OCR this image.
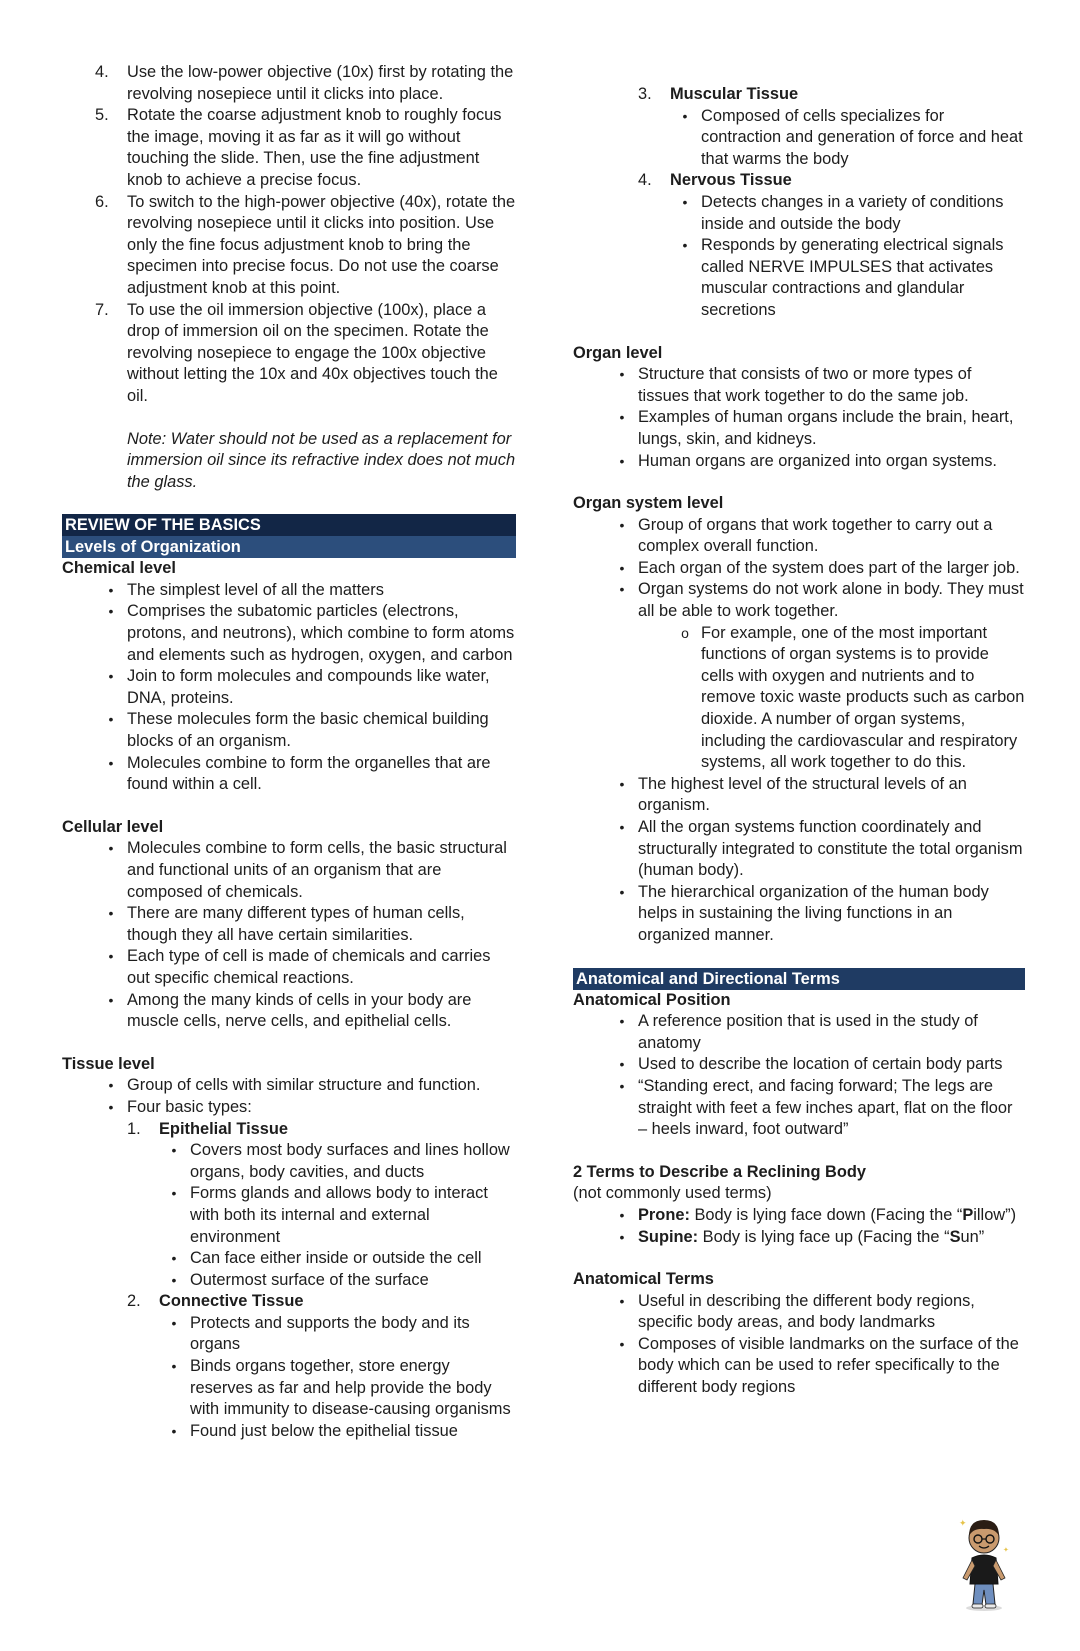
4.	Use the low-power objective (10x) first by rotating the revolving nosepiece until it clicks into place.
5.	Rotate the coarse adjustment knob to roughly focus the image, moving it as far as it will go without touching the slide. Then, use the fine adjustment knob to achieve a precise focus.
6.	To switch to the high-power objective (40x), rotate the revolving nosepiece until it clicks into position. Use only the fine focus adjustment knob to bring the specimen into precise focus. Do not use the coarse adjustment knob at this point.
7.	To use the oil immersion objective (100x), place a drop of immersion oil on the specimen. Rotate the revolving nosepiece to engage the 100x objective without letting the 10x and 40x objectives touch the oil.
Note: Water should not be used as a replacement for immersion oil since its refractive index does not much the glass.
REVIEW OF THE BASICS
Levels of Organization
Chemical level
• The simplest level of all the matters
• Comprises the subatomic particles (electrons, protons, and neutrons), which combine to form atoms and elements such as hydrogen, oxygen, and carbon
• Join to form molecules and compounds like water, DNA, proteins.
• These molecules form the basic chemical building blocks of an organism.
• Molecules combine to form the organelles that are found within a cell.
Cellular level
• Molecules combine to form cells, the basic structural and functional units of an organism that are composed of chemicals.
• There are many different types of human cells, though they all have certain similarities.
• Each type of cell is made of chemicals and carries out specific chemical reactions.
• Among the many kinds of cells in your body are muscle cells, nerve cells, and epithelial cells.
Tissue level
• Group of cells with similar structure and function.
• Four basic types:
1.	Epithelial Tissue
• Covers most body surfaces and lines hollow organs, body cavities, and ducts
• Forms glands and allows body to interact with both its internal and external environment
• Can face either inside or outside the cell
• Outermost surface of the surface
2.	Connective Tissue
• Protects and supports the body and its organs
• Binds organs together, store energy reserves as far and help provide the body with immunity to disease-causing organisms
• Found just below the epithelial tissue
3.	Muscular Tissue
• Composed of cells specializes for contraction and generation of force and heat that warms the body
4.	Nervous Tissue
• Detects changes in a variety of conditions inside and outside the body
• Responds by generating electrical signals called NERVE IMPULSES that activates muscular contractions and glandular secretions
Organ level
• Structure that consists of two or more types of tissues that work together to do the same job.
• Examples of human organs include the brain, heart, lungs, skin, and kidneys.
• Human organs are organized into organ systems.
Organ system level
• Group of organs that work together to carry out a complex overall function.
• Each organ of the system does part of the larger job.
• Organ systems do not work alone in body. They must all be able to work together.
o For example, one of the most important functions of organ systems is to provide cells with oxygen and nutrients and to remove toxic waste products such as carbon dioxide. A number of organ systems, including the cardiovascular and respiratory systems, all work together to do this.
• The highest level of the structural levels of an organism.
• All the organ systems function coordinately and structurally integrated to constitute the total organism (human body).
• The hierarchical organization of the human body helps in sustaining the living functions in an organized manner.
Anatomical and Directional Terms
Anatomical Position
• A reference position that is used in the study of anatomy
• Used to describe the location of certain body parts
• “Standing erect, and facing forward; The legs are straight with feet a few inches apart, flat on the floor – heels inward, foot outward”
2 Terms to Describe a Reclining Body
(not commonly used terms)
• Prone: Body is lying face down (Facing the “Pillow”)
• Supine: Body is lying face up (Facing the “Sun”
Anatomical Terms
• Useful in describing the different body regions, specific body areas, and body landmarks
• Composes of visible landmarks on the surface of the body which can be used to refer specifically to the different body regions
✦
✦
